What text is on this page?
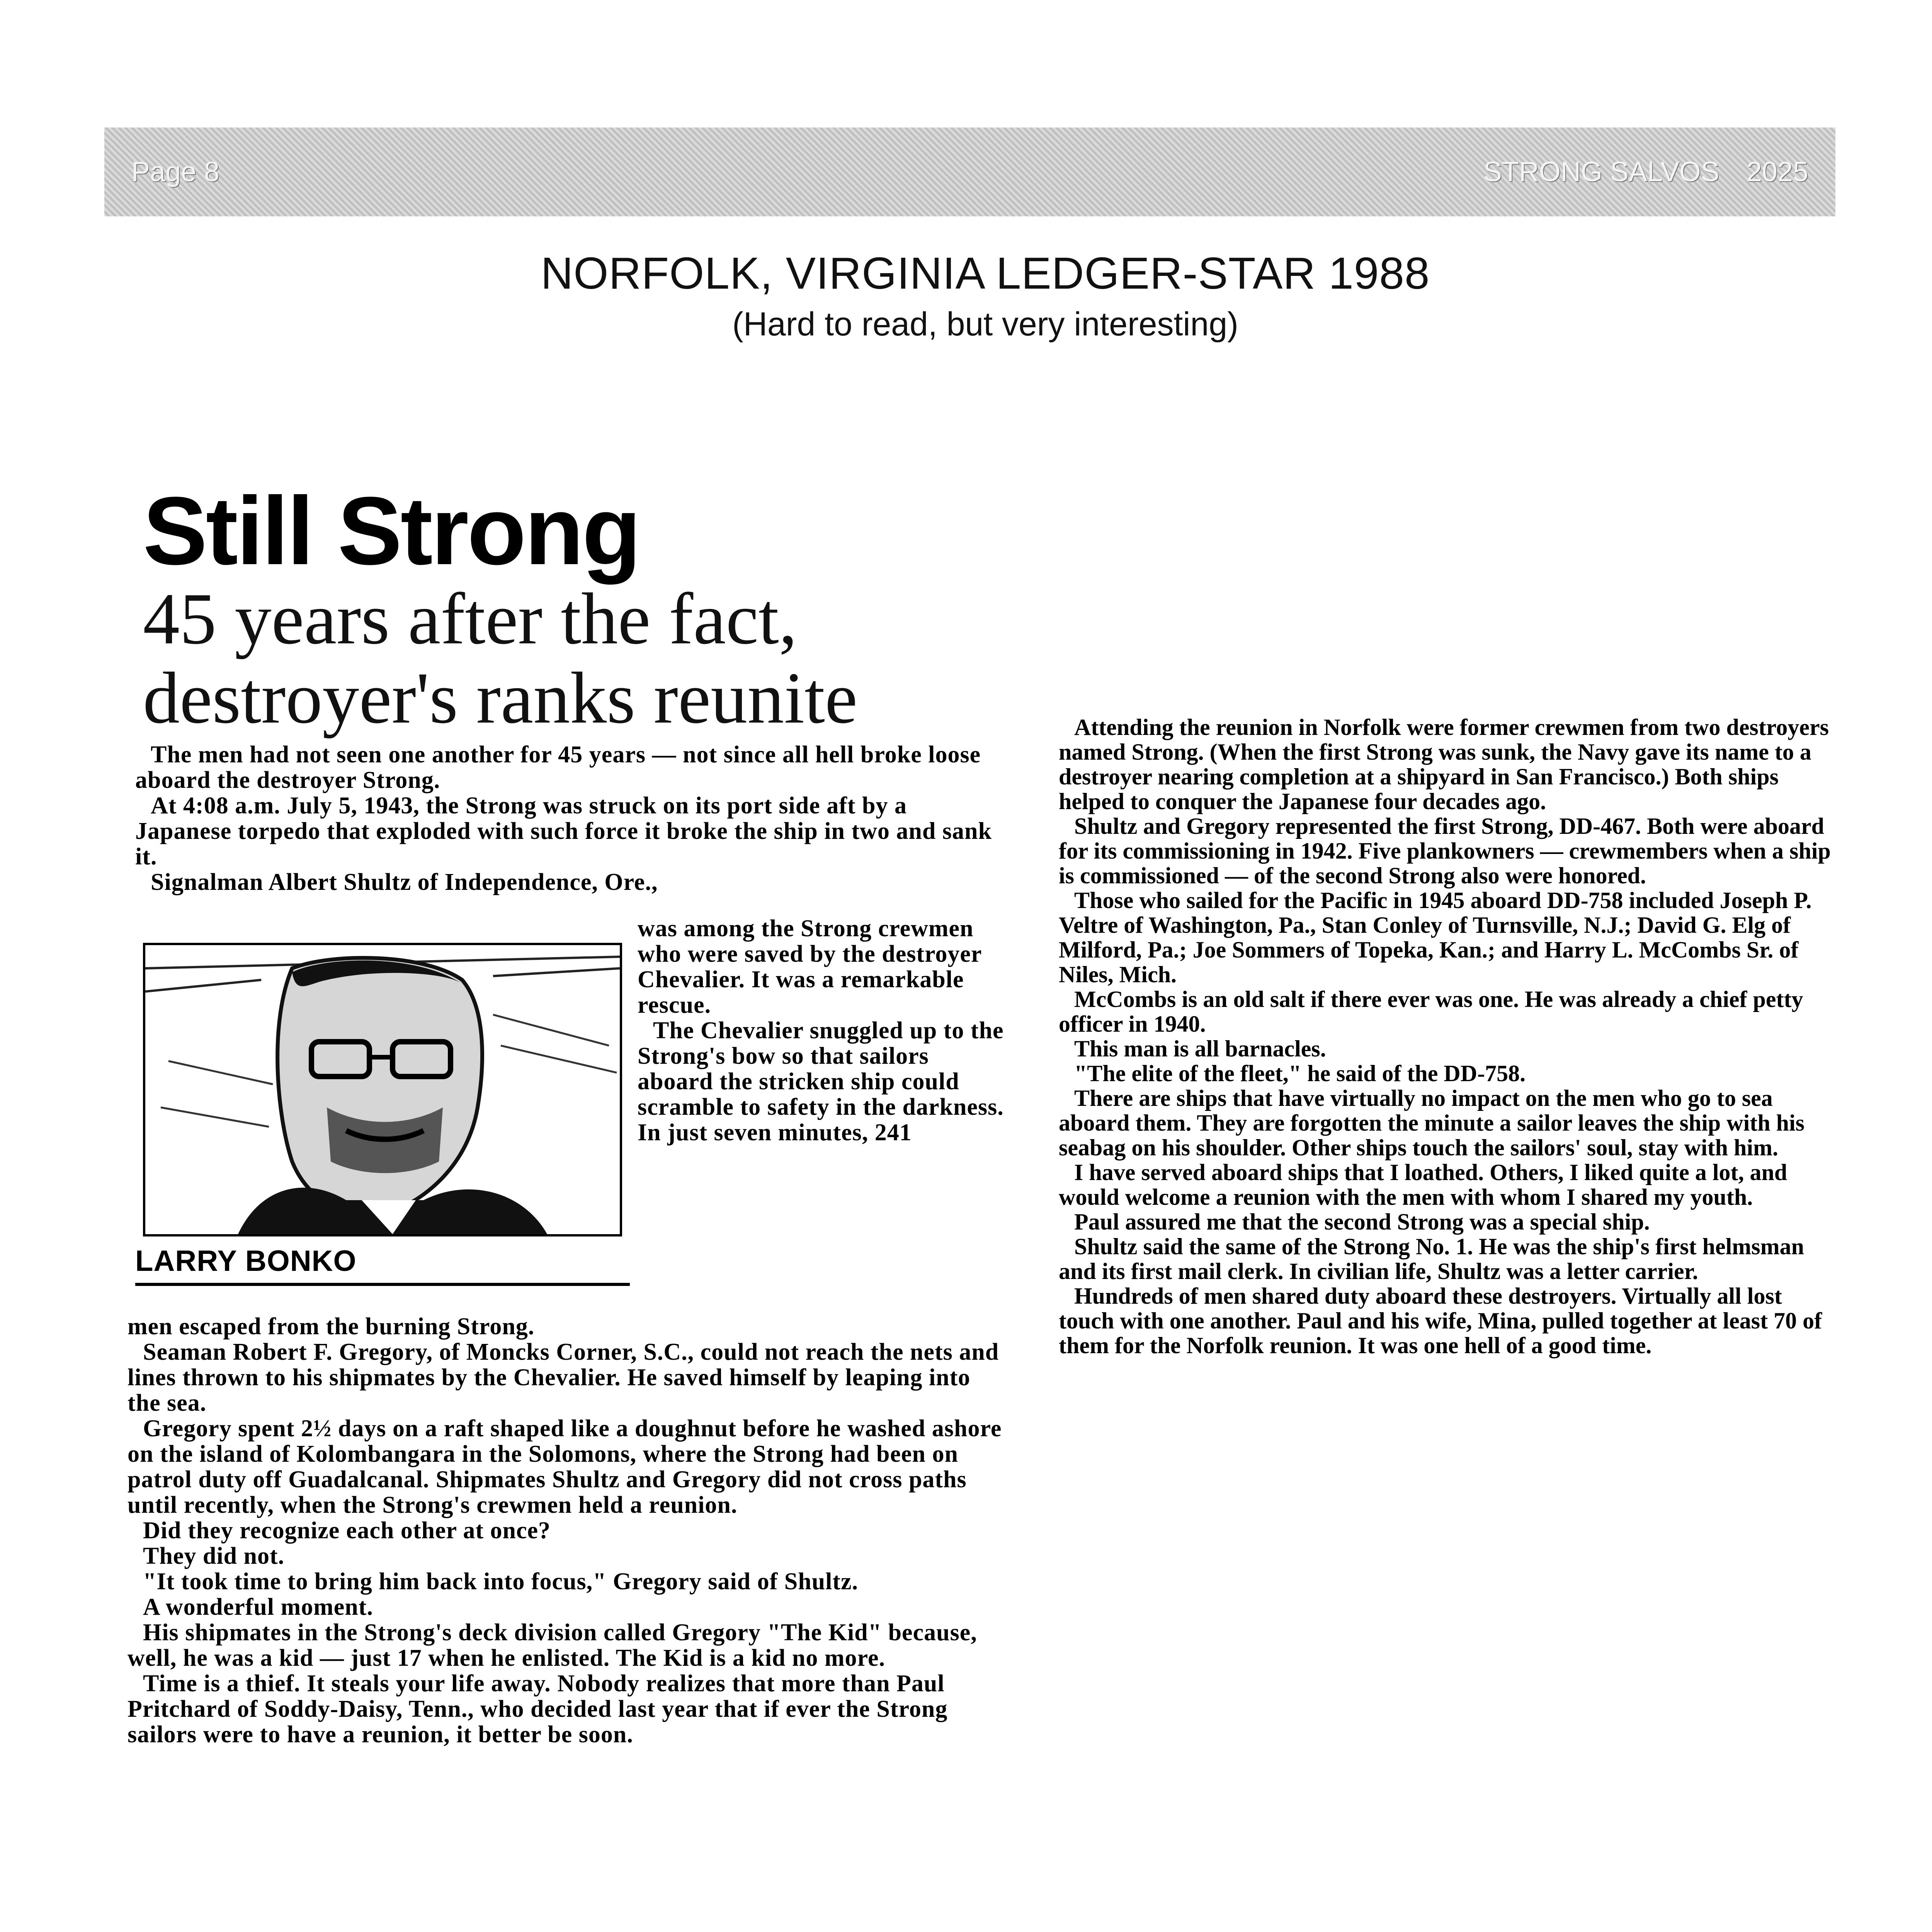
Page 8	STRONG SALVOS 2025
NORFOLK, VIRGINIA LEDGER-STAR 1988
(Hard to read, but very interesting)
Still Strong
45 years after the fact,
destroyer's ranks reunite

The men had not seen one another for 45 years — not since all hell broke loose aboard the destroyer Strong.

At 4:08 a.m. July 5, 1943, the Strong was struck on its port side aft by a Japanese torpedo that exploded with such force it broke the ship in two and sank it.

Signalman Albert Shultz of Independence, Ore.,

was among the Strong crewmen who were saved by the destroyer Chevalier. It was a remarkable rescue.

The Chevalier snuggled up to the Strong's bow so that sailors aboard the stricken ship could scramble to safety in the darkness. In just seven minutes, 241

LARRY BONKO

men escaped from the burning Strong.

Seaman Robert F. Gregory, of Moncks Corner, S.C., could not reach the nets and lines thrown to his shipmates by the Chevalier. He saved himself by leaping into the sea.

Gregory spent 2½ days on a raft shaped like a doughnut before he washed ashore on the island of Kolombangara in the Solomons, where the Strong had been on patrol duty off Guadalcanal. Shipmates Shultz and Gregory did not cross paths until recently, when the Strong's crewmen held a reunion.

Did they recognize each other at once?

They did not.

"It took time to bring him back into focus," Gregory said of Shultz.

A wonderful moment.

His shipmates in the Strong's deck division called Gregory "The Kid" because, well, he was a kid — just 17 when he enlisted. The Kid is a kid no more.

Time is a thief. It steals your life away. Nobody realizes that more than Paul Pritchard of Soddy-Daisy, Tenn., who decided last year that if ever the Strong sailors were to have a reunion, it better be soon.

Attending the reunion in Norfolk were former crewmen from two destroyers named Strong. (When the first Strong was sunk, the Navy gave its name to a destroyer nearing completion at a shipyard in San Francisco.) Both ships helped to conquer the Japanese four decades ago.

Shultz and Gregory represented the first Strong, DD-467. Both were aboard for its commissioning in 1942. Five plankowners — crewmembers when a ship is commissioned — of the second Strong also were honored.

Those who sailed for the Pacific in 1945 aboard DD-758 included Joseph P. Veltre of Washington, Pa., Stan Conley of Turnsville, N.J.; David G. Elg of Milford, Pa.; Joe Sommers of Topeka, Kan.; and Harry L. McCombs Sr. of Niles, Mich.

McCombs is an old salt if there ever was one. He was already a chief petty officer in 1940.

This man is all barnacles.

"The elite of the fleet," he said of the DD-758.

There are ships that have virtually no impact on the men who go to sea aboard them. They are forgotten the minute a sailor leaves the ship with his seabag on his shoulder. Other ships touch the sailors' soul, stay with him.

I have served aboard ships that I loathed. Others, I liked quite a lot, and would welcome a reunion with the men with whom I shared my youth.

Paul assured me that the second Strong was a special ship.

Shultz said the same of the Strong No. 1. He was the ship's first helmsman and its first mail clerk. In civilian life, Shultz was a letter carrier.

Hundreds of men shared duty aboard these destroyers. Virtually all lost touch with one another. Paul and his wife, Mina, pulled together at least 70 of them for the Norfolk reunion. It was one hell of a good time.
